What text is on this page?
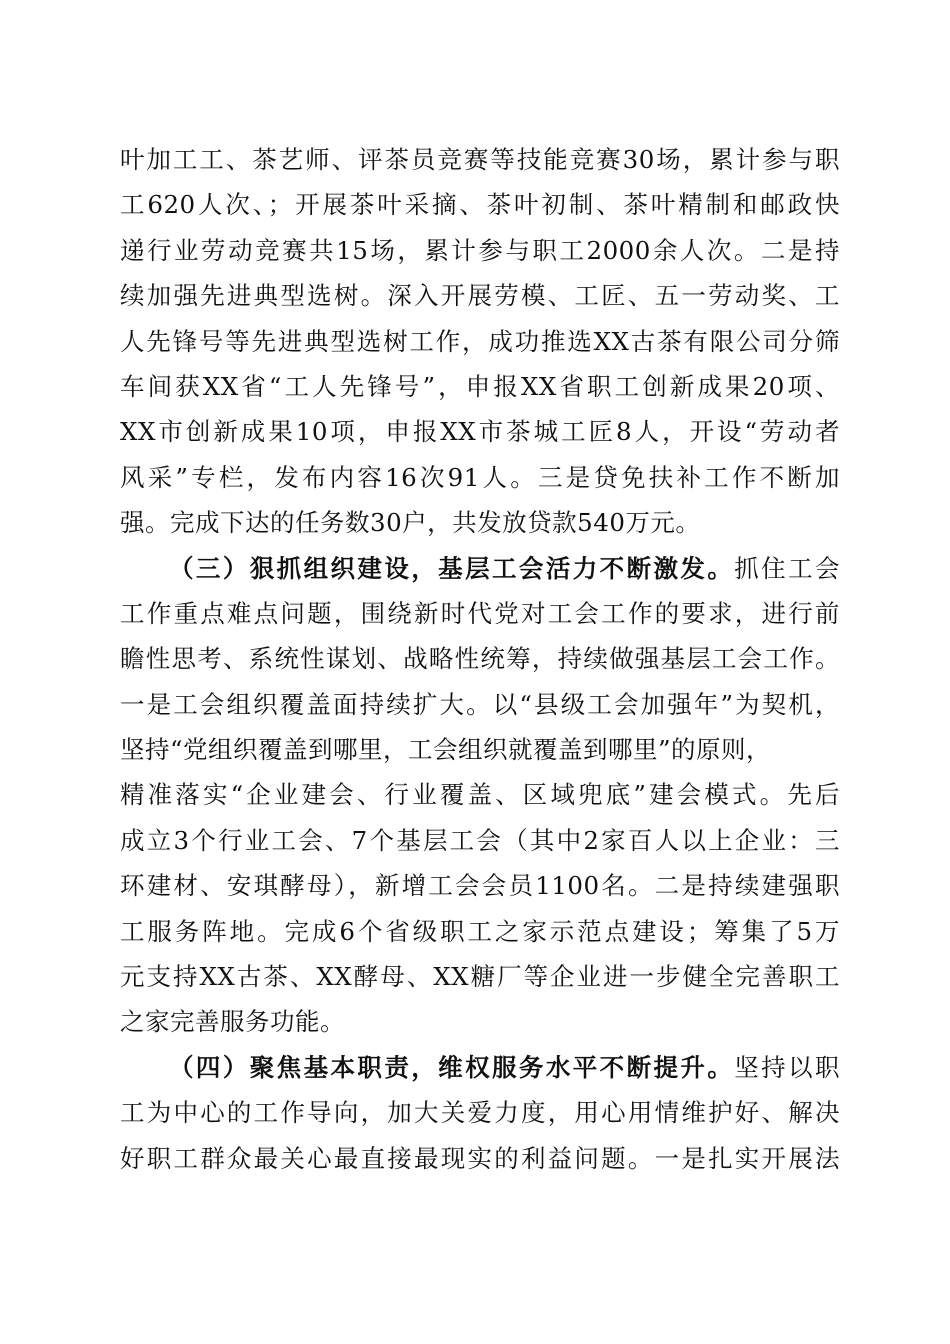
叶加工工、茶艺师、评茶员竞赛等技能竞赛30场，累计参与职
工620人次、；开展茶叶采摘、茶叶初制、茶叶精制和邮政快
递行业劳动竞赛共15场，累计参与职工2000余人次。二是持
续加强先进典型选树。深入开展劳模、工匠、五一劳动奖、工
人先锋号等先进典型选树工作，成功推选XX古茶有限公司分筛
车间获XX省“工人先锋号”，申报XX省职工创新成果20项、
XX市创新成果10项，申报XX市茶城工匠8人，开设“劳动者
风采”专栏，发布内容16次91人。三是贷免扶补工作不断加
强。完成下达的任务数30户，共发放贷款540万元。
（三）狠抓组织建设，基层工会活力不断激发。抓住工会
工作重点难点问题，围绕新时代党对工会工作的要求，进行前
瞻性思考、系统性谋划、战略性统筹，持续做强基层工会工作。
一是工会组织覆盖面持续扩大。以“县级工会加强年”为契机，
坚持“党组织覆盖到哪里，工会组织就覆盖到哪里”的原则，
精准落实“企业建会、行业覆盖、区域兜底”建会模式。先后
成立3个行业工会、7个基层工会（其中2家百人以上企业：三
环建材、安琪酵母），新增工会会员1100名。二是持续建强职
工服务阵地。完成6个省级职工之家示范点建设；筹集了5万
元支持XX古茶、XX酵母、XX糖厂等企业进一步健全完善职工
之家完善服务功能。
（四）聚焦基本职责，维权服务水平不断提升。坚持以职
工为中心的工作导向，加大关爱力度，用心用情维护好、解决
好职工群众最关心最直接最现实的利益问题。一是扎实开展法
